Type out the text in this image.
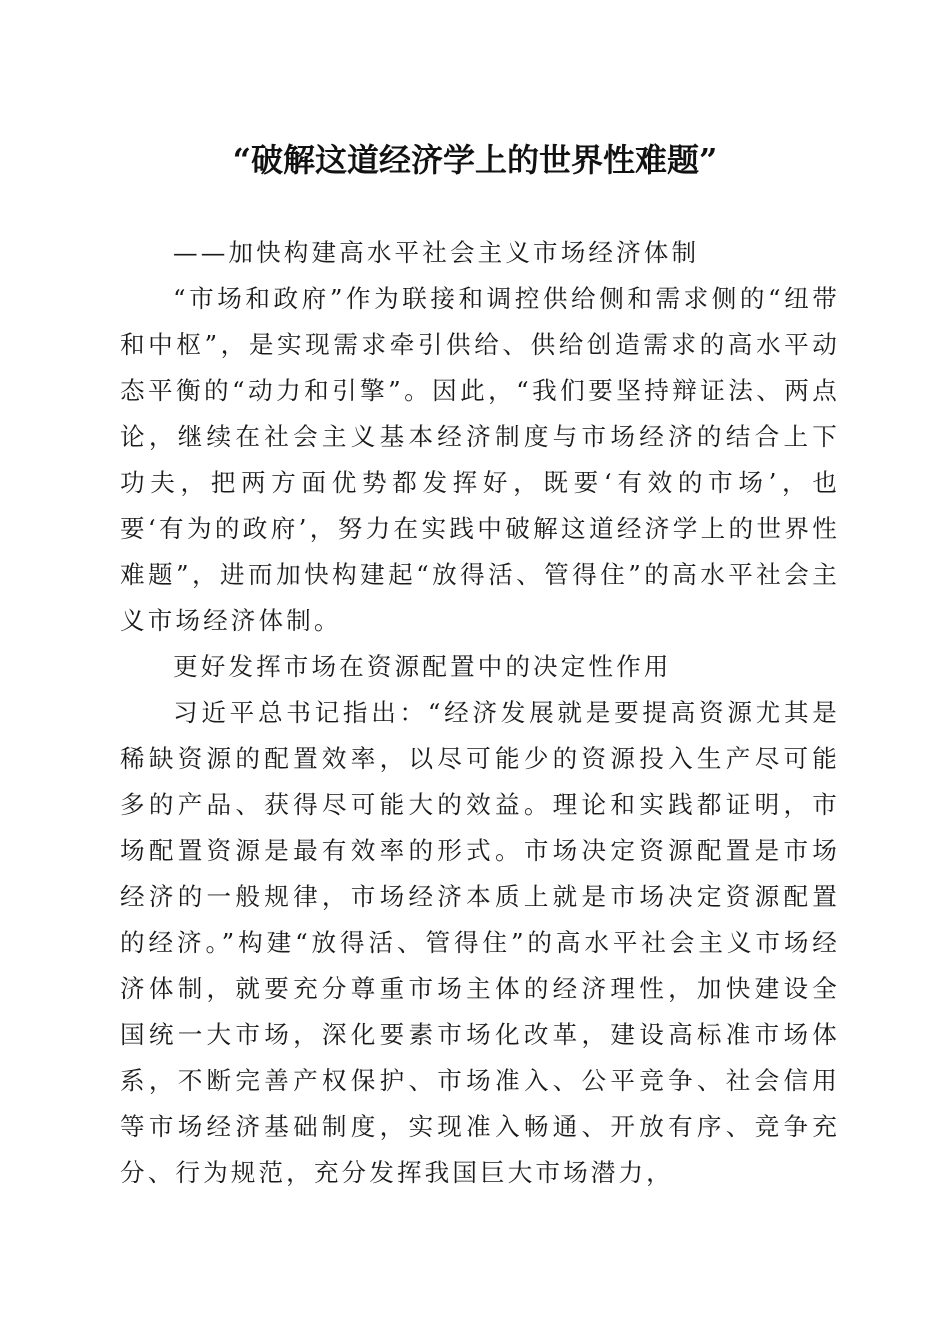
“破解这道经济学上的世界性难题”

——加快构建高水平社会主义市场经济体制

“市场和政府”作为联接和调控供给侧和需求侧的“纽带和中枢”，是实现需求牵引供给、供给创造需求的高水平动态平衡的“动力和引擎”。因此，“我们要坚持辩证法、两点论，继续在社会主义基本经济制度与市场经济的结合上下功夫，把两方面优势都发挥好，既要‘有效的市场’，也要‘有为的政府’，努力在实践中破解这道经济学上的世界性难题”，进而加快构建起“放得活、管得住”的高水平社会主义市场经济体制。

更好发挥市场在资源配置中的决定性作用

习近平总书记指出：“经济发展就是要提高资源尤其是稀缺资源的配置效率，以尽可能少的资源投入生产尽可能多的产品、获得尽可能大的效益。理论和实践都证明，市场配置资源是最有效率的形式。市场决定资源配置是市场经济的一般规律，市场经济本质上就是市场决定资源配置的经济。”构建“放得活、管得住”的高水平社会主义市场经济体制，就要充分尊重市场主体的经济理性，加快建设全国统一大市场，深化要素市场化改革，建设高标准市场体系，不断完善产权保护、市场准入、公平竞争、社会信用等市场经济基础制度，实现准入畅通、开放有序、竞争充分、行为规范，充分发挥我国巨大市场潜力，
